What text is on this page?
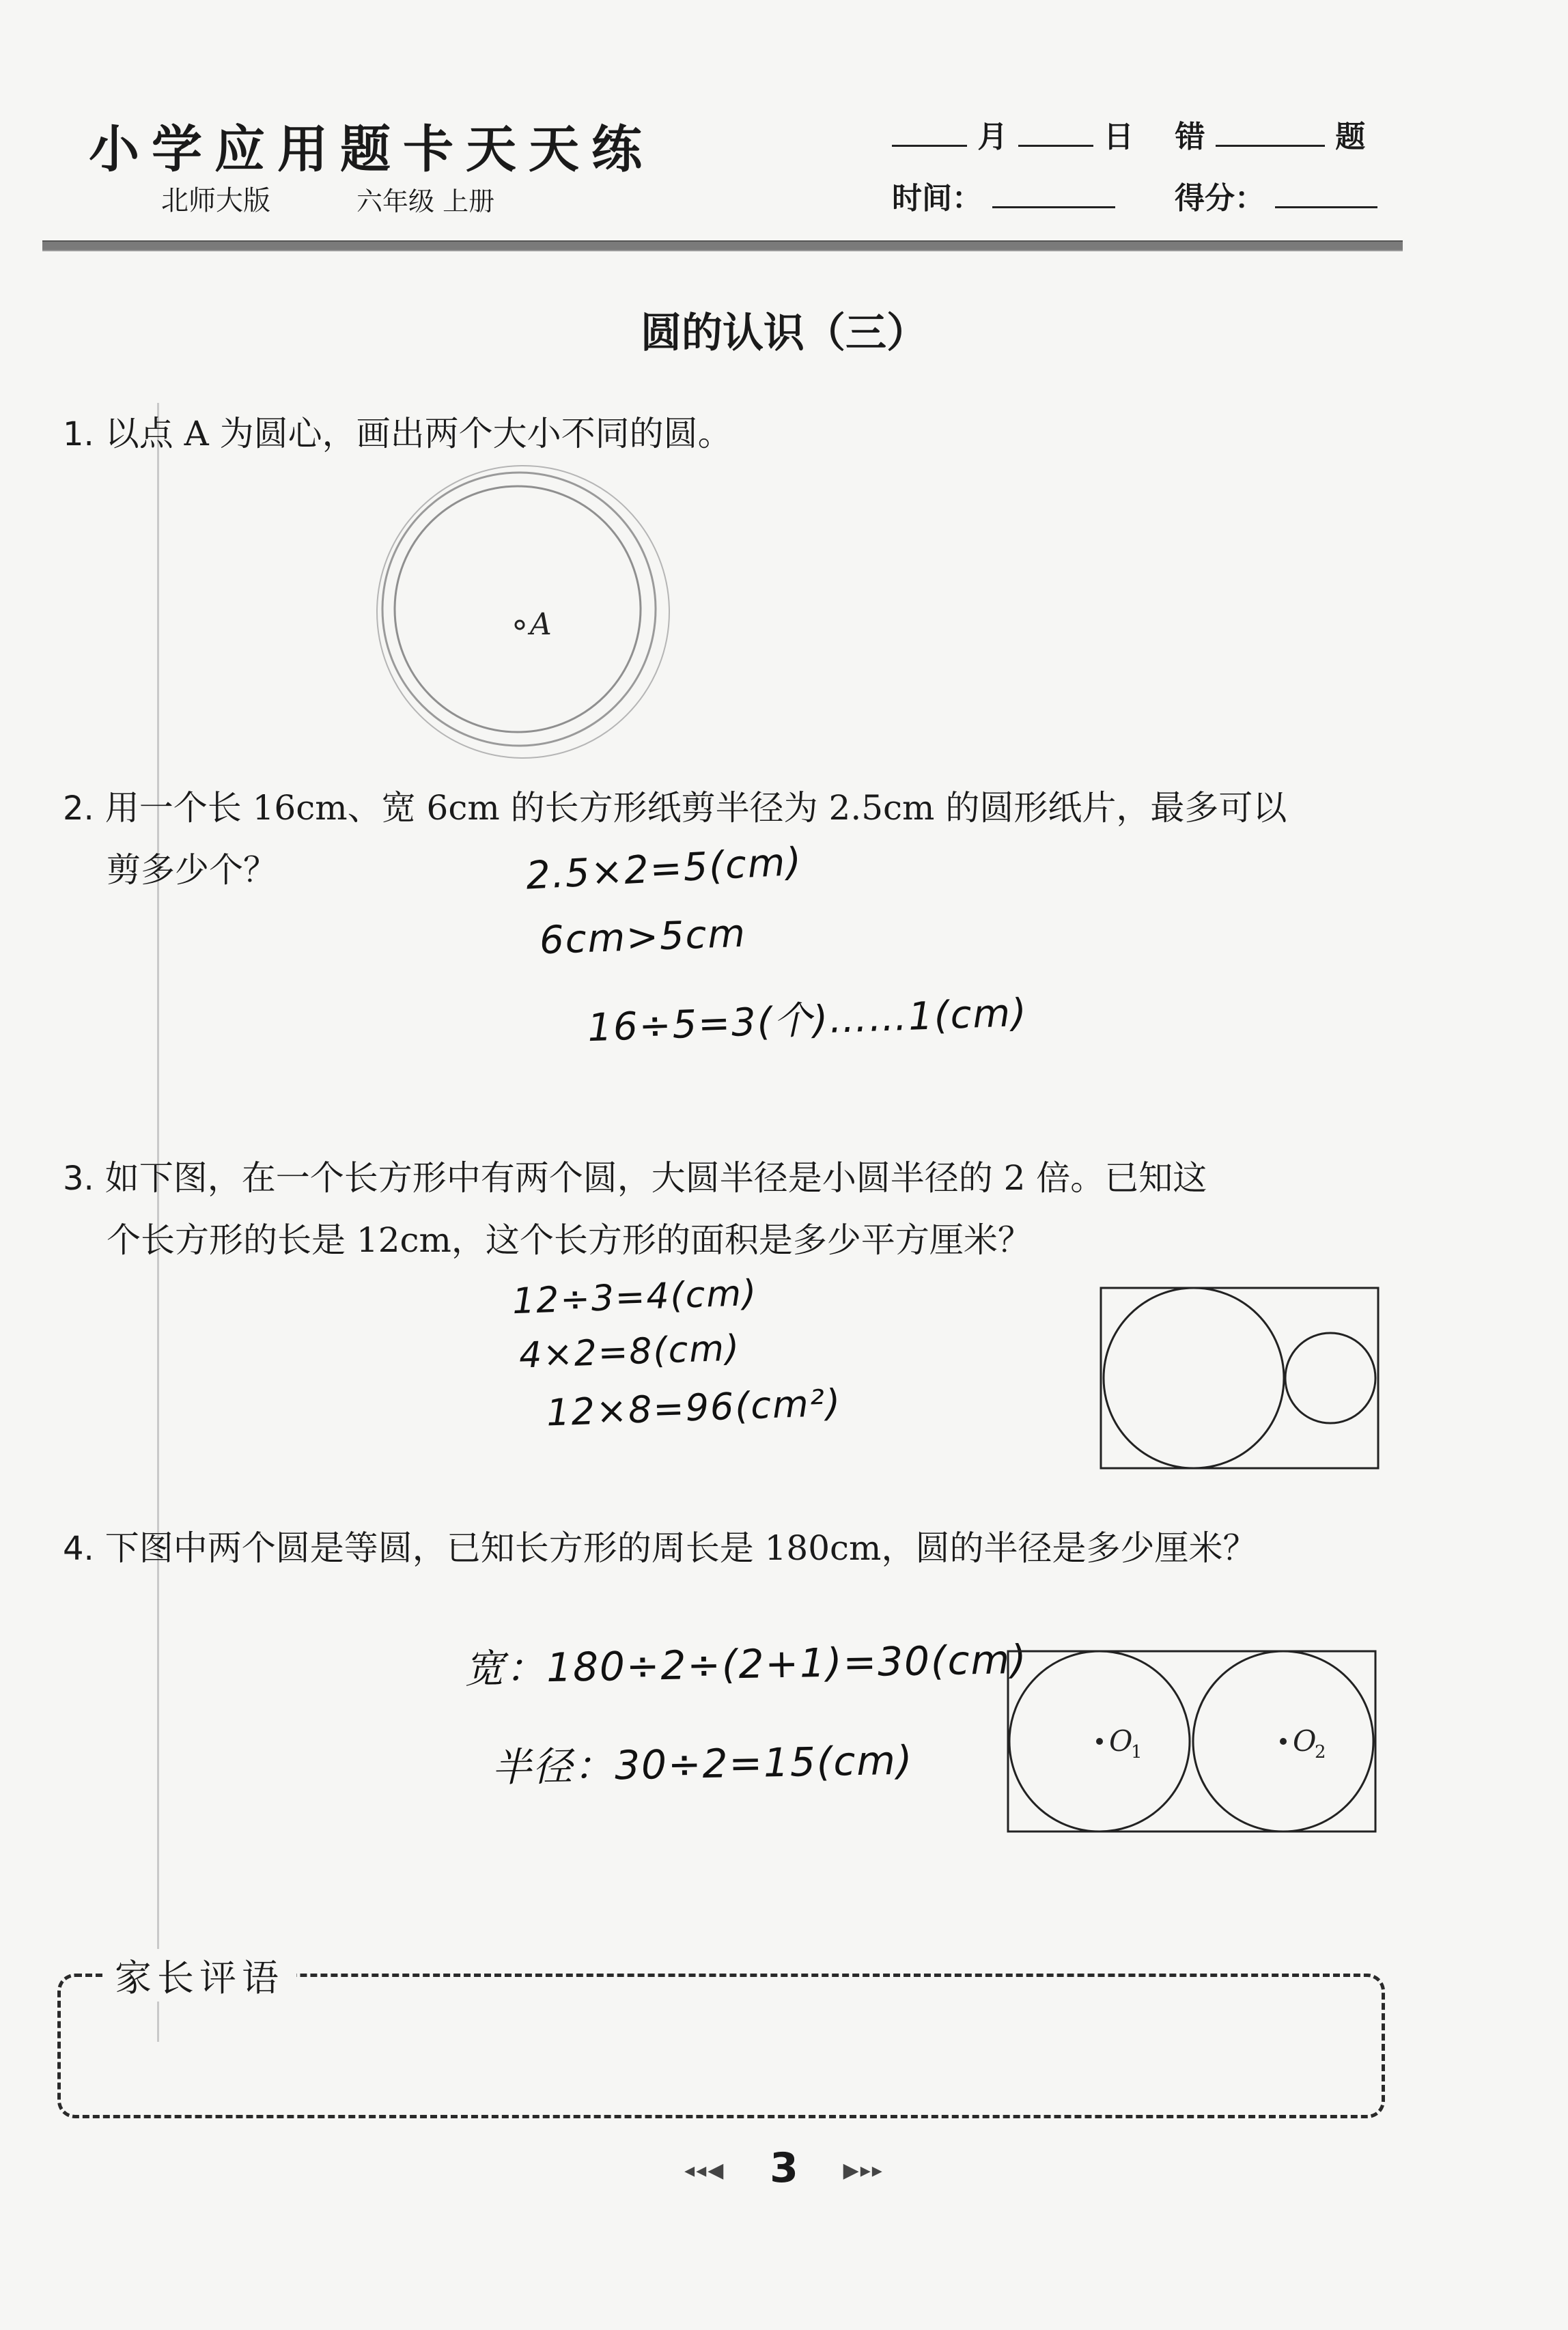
小学应用题卡天天练
北师大版	六年级 上册
月	日 错	题
时间：	得分：
圆的认识（三）
1. 以点 A 为圆心，画出两个大小不同的圆。
A
2. 用一个长 16cm、宽 6cm 的长方形纸剪半径为 2.5cm 的圆形纸片，最多可以
剪多少个？	2.5×2=5(cm)
6cm>5cm
16÷5=3(个)……1(cm)
3. 如下图，在一个长方形中有两个圆，大圆半径是小圆半径的 2 倍。已知这
个长方形的长是 12cm，这个长方形的面积是多少平方厘米？
12÷3=4(cm)
4×2=8(cm)
12×8=96(cm²)
4. 下图中两个圆是等圆，已知长方形的周长是 180cm，圆的半径是多少厘米？
宽：180÷2÷(2+1)=30(cm)
半径：30÷2=15(cm)	O
1	O
2
家长评语
◂◂◀ 3 ▶▸▸
